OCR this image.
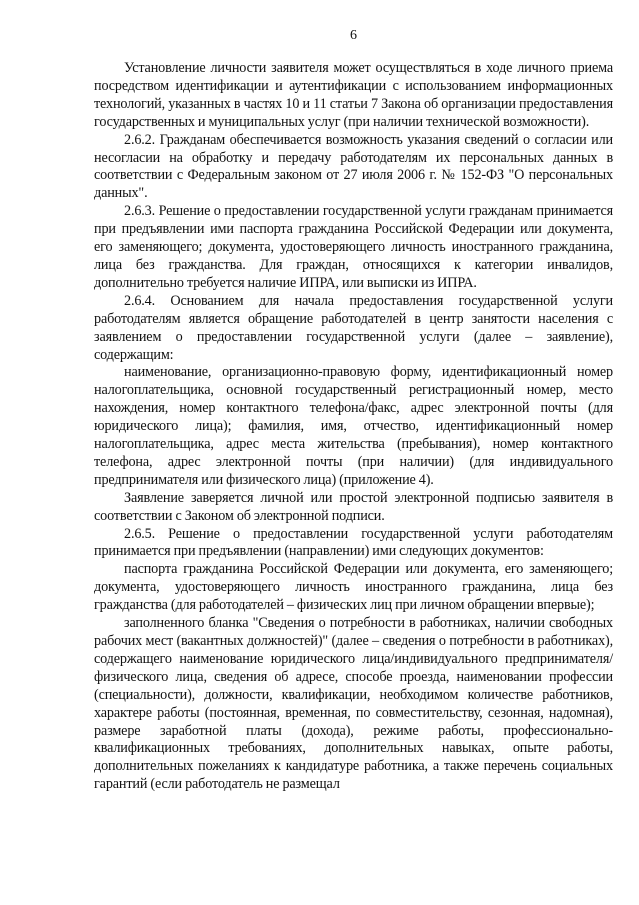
6

Установление личности заявителя может осуществляться в ходе личного приема посредством идентификации и аутентификации с использованием информационных технологий, указанных в частях 10 и 11 статьи 7 Закона об организации предоставления государственных и муниципальных услуг (при наличии технической возможности).

2.6.2. Гражданам обеспечивается возможность указания сведений о согласии или несогласии на обработку и передачу работодателям их персональных данных в соответствии с Федеральным законом от 27 июля 2006 г. № 152-ФЗ "О персональных данных".

2.6.3. Решение о предоставлении государственной услуги гражданам принимается при предъявлении ими паспорта гражданина Российской Федерации или документа, его заменяющего; документа, удостоверяющего личность иностранного гражданина, лица без гражданства. Для граждан, относящихся к категории инвалидов, дополнительно требуется наличие ИПРА, или выписки из ИПРА.

2.6.4. Основанием для начала предоставления государственной услуги работодателям является обращение работодателей в центр занятости населения с заявлением о предоставлении государственной услуги (далее – заявление), содержащим:

наименование, организационно-правовую форму, идентификационный номер налогоплательщика, основной государственный регистрационный номер, место нахождения, номер контактного телефона/факс, адрес электронной почты (для юридического лица); фамилия, имя, отчество, идентификационный номер налогоплательщика, адрес места жительства (пребывания), номер контактного телефона, адрес электронной почты (при наличии) (для индивидуального предпринимателя или физического лица) (приложение 4).

Заявление заверяется личной или простой электронной подписью заявителя в соответствии с Законом об электронной подписи.

2.6.5. Решение о предоставлении государственной услуги работодателям принимается при предъявлении (направлении) ими следующих документов:

паспорта гражданина Российской Федерации или документа, его заменяющего; документа, удостоверяющего личность иностранного гражданина, лица без гражданства (для работодателей – физических лиц при личном обращении впервые);

заполненного бланка "Сведения о потребности в работниках, наличии свободных рабочих мест (вакантных должностей)" (далее – сведения о потребности в работниках), содержащего наименование юридического лица/индивидуального предпринимателя/физического лица, сведения об адресе, способе проезда, наименовании профессии (специальности), должности, квалификации, необходимом количестве работников, характере работы (постоянная, временная, по совместительству, сезонная, надомная), размере заработной платы (дохода), режиме работы, профессионально-квалификационных требованиях, дополнительных навыках, опыте работы, дополнительных пожеланиях к кандидатуре работника, а также перечень социальных гарантий (если работодатель не размещал
